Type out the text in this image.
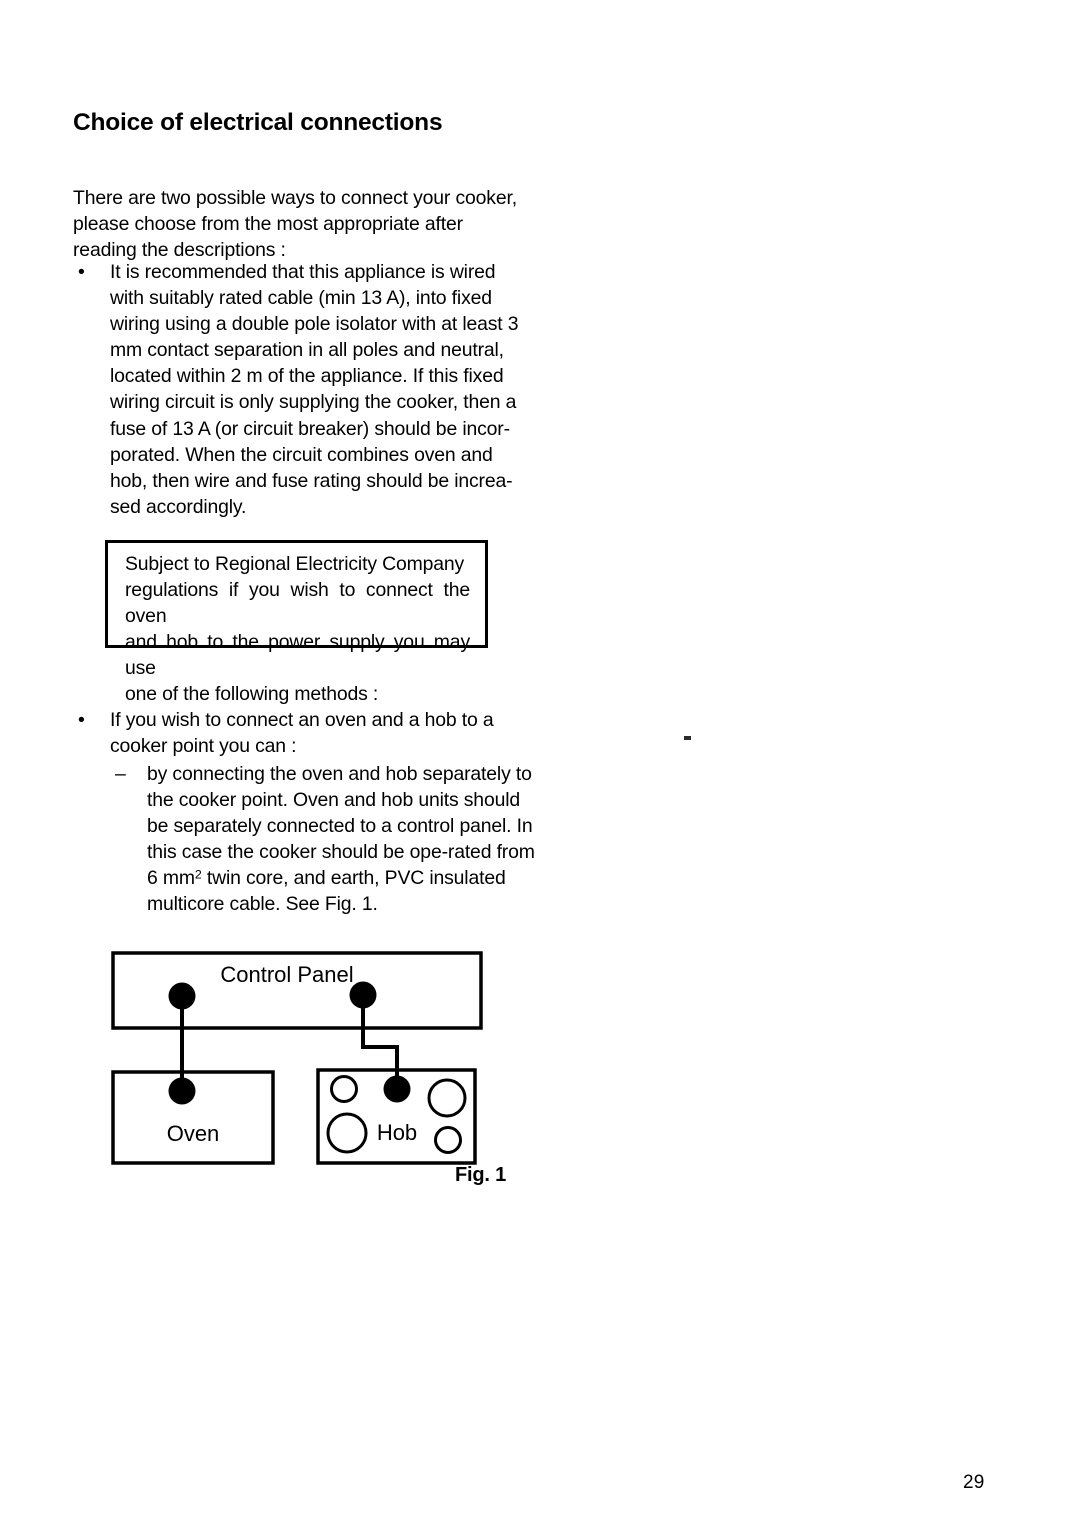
Choice of electrical connections
There are two possible ways to connect your cooker, please choose from the most appropriate after reading the descriptions :
• It is recommended that this appliance is wired with suitably rated cable (min 13 A), into fixed wiring using a double pole isolator with at least 3 mm contact separation in all poles and neutral, located within 2 m of the appliance. If this fixed wiring circuit is only supplying the cooker, then a fuse of 13 A (or circuit breaker) should be incor-porated. When the circuit combines oven and hob, then wire and fuse rating should be increa-sed accordingly.
Subject to Regional Electricity Company
regulations if you wish to connect the oven
and hob to the power supply you may use
one of the following methods :
• If you wish to connect an oven and a hob to a cooker point you can :
– by connecting the oven and hob separately to the cooker point. Oven and hob units should be separately connected to a control panel. In this case the cooker should be ope-rated from 6 $mm^2$ twin core, and earth, PVC insulated multicore cable. See Fig. 1.
Control Panel
Oven	Hob
Fig. 1
29
